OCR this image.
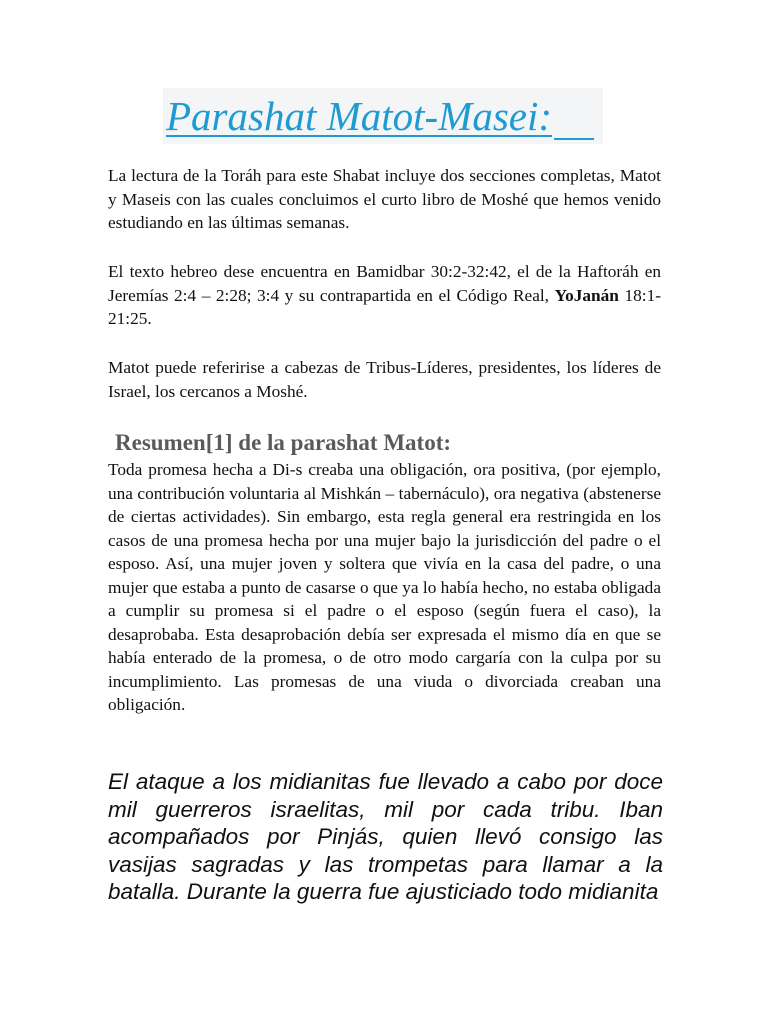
Parashat Matot-Masei:

La lectura de la Toráh para este Shabat incluye dos secciones completas, Matot y Maseis con las cuales concluimos el curto libro de Moshé que hemos venido estudiando en las últimas semanas.

El texto hebreo dese encuentra en Bamidbar 30:2-32:42, el de la Haftoráh en Jeremías 2:4 – 2:28; 3:4 y su contrapartida en el Código Real, YoJanán 18:1-21:25.

Matot puede referirise a cabezas de Tribus-Líderes, presidentes, los líderes de Israel, los cercanos a Moshé.

Resumen[1] de la parashat Matot:

Toda promesa hecha a Di-s creaba una obligación, ora positiva, (por ejemplo, una contribución voluntaria al Mishkán – tabernáculo), ora negativa (abstenerse de ciertas actividades). Sin embargo, esta regla general era restringida en los casos de una promesa hecha por una mujer bajo la jurisdicción del padre o el esposo. Así, una mujer joven y soltera que vivía en la casa del padre, o una mujer que estaba a punto de casarse o que ya lo había hecho, no estaba obligada a cumplir su promesa si el padre o el esposo (según fuera el caso), la desaprobaba. Esta desaprobación debía ser expresada el mismo día en que se había enterado de la promesa, o de otro modo cargaría con la culpa por su incumplimiento. Las promesas de una viuda o divorciada creaban una obligación.

El ataque a los midianitas fue llevado a cabo por doce mil guerreros israelitas, mil por cada tribu. Iban acompañados por Pinjás, quien llevó consigo las vasijas sagradas y las trompetas para llamar a la batalla. Durante la guerra fue ajusticiado todo midianita
